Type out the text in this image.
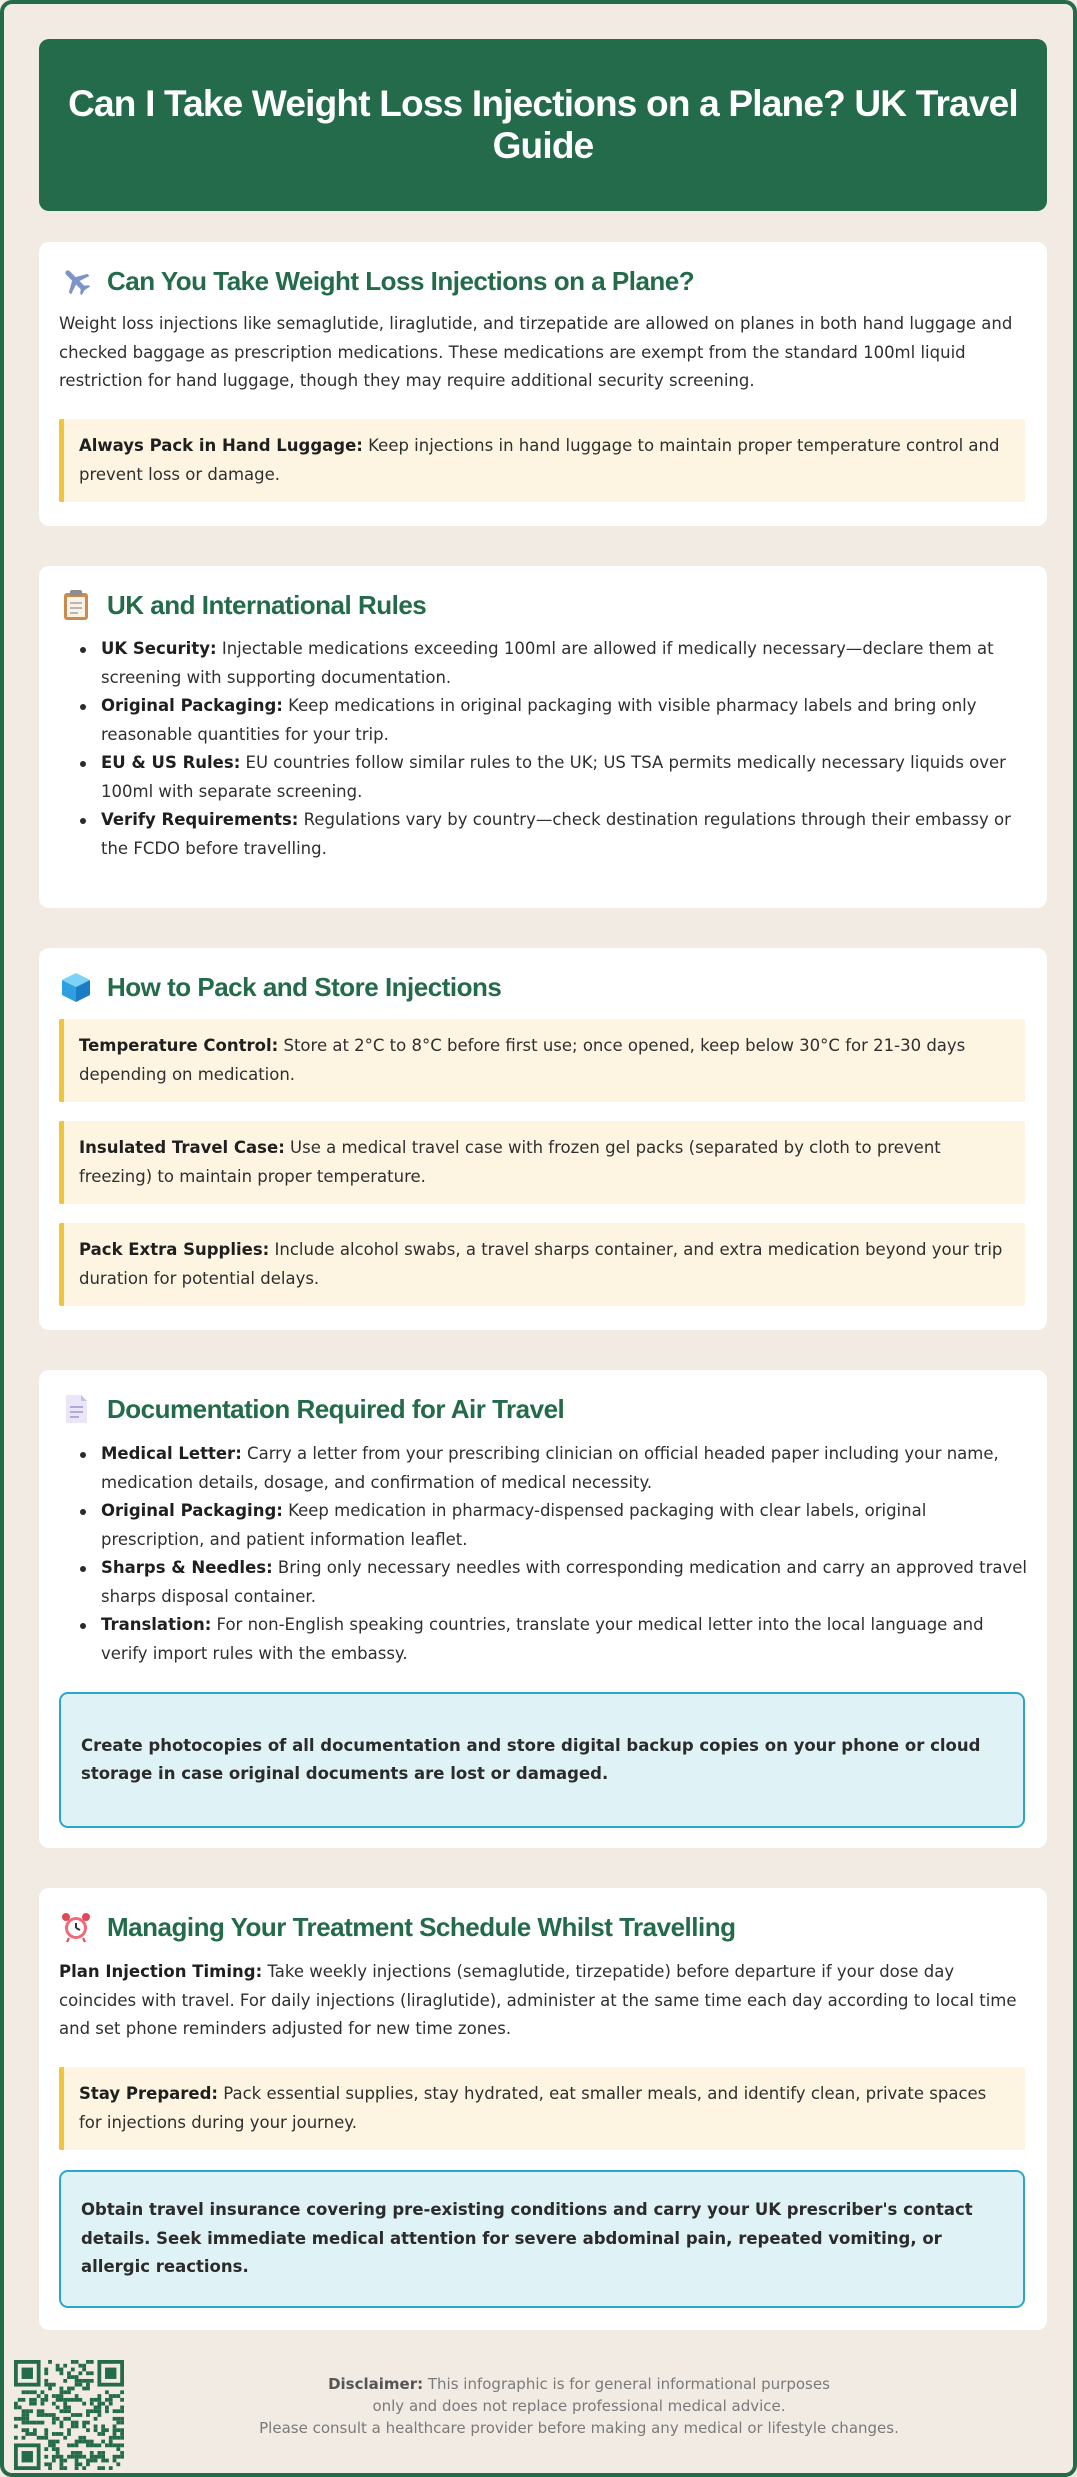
Can I Take Weight Loss Injections on a Plane? UK Travel Guide
Can You Take Weight Loss Injections on a Plane?

Weight loss injections like semaglutide, liraglutide, and tirzepatide are allowed on planes in both hand luggage and checked baggage as prescription medications. These medications are exempt from the standard 100ml liquid restriction for hand luggage, though they may require additional security screening.

Always Pack in Hand Luggage: Keep injections in hand luggage to maintain proper temperature control and prevent loss or damage.
UK and International Rules
UK Security: Injectable medications exceeding 100ml are allowed if medically necessary—declare them at screening with supporting documentation.
Original Packaging: Keep medications in original packaging with visible pharmacy labels and bring only reasonable quantities for your trip.
EU & US Rules: EU countries follow similar rules to the UK; US TSA permits medically necessary liquids over 100ml with separate screening.
Verify Requirements: Regulations vary by country—check destination regulations through their embassy or the FCDO before travelling.
How to Pack and Store Injections
Temperature Control: Store at 2°C to 8°C before first use; once opened, keep below 30°C for 21-30 days depending on medication.
Insulated Travel Case: Use a medical travel case with frozen gel packs (separated by cloth to prevent freezing) to maintain proper temperature.
Pack Extra Supplies: Include alcohol swabs, a travel sharps container, and extra medication beyond your trip duration for potential delays.
Documentation Required for Air Travel
Medical Letter: Carry a letter from your prescribing clinician on official headed paper including your name, medication details, dosage, and confirmation of medical necessity.
Original Packaging: Keep medication in pharmacy-dispensed packaging with clear labels, original prescription, and patient information leaflet.
Sharps & Needles: Bring only necessary needles with corresponding medication and carry an approved travel sharps disposal container.
Translation: For non-English speaking countries, translate your medical letter into the local language and verify import rules with the embassy.
Create photocopies of all documentation and store digital backup copies on your phone or cloud storage in case original documents are lost or damaged.
Managing Your Treatment Schedule Whilst Travelling

Plan Injection Timing: Take weekly injections (semaglutide, tirzepatide) before departure if your dose day coincides with travel. For daily injections (liraglutide), administer at the same time each day according to local time and set phone reminders adjusted for new time zones.

Stay Prepared: Pack essential supplies, stay hydrated, eat smaller meals, and identify clean, private spaces for injections during your journey.
Obtain travel insurance covering pre-existing conditions and carry your UK prescriber's contact details. Seek immediate medical attention for severe abdominal pain, repeated vomiting, or allergic reactions.
Disclaimer: This infographic is for general informational purposes
only and does not replace professional medical advice.
Please consult a healthcare provider before making any medical or lifestyle changes.
